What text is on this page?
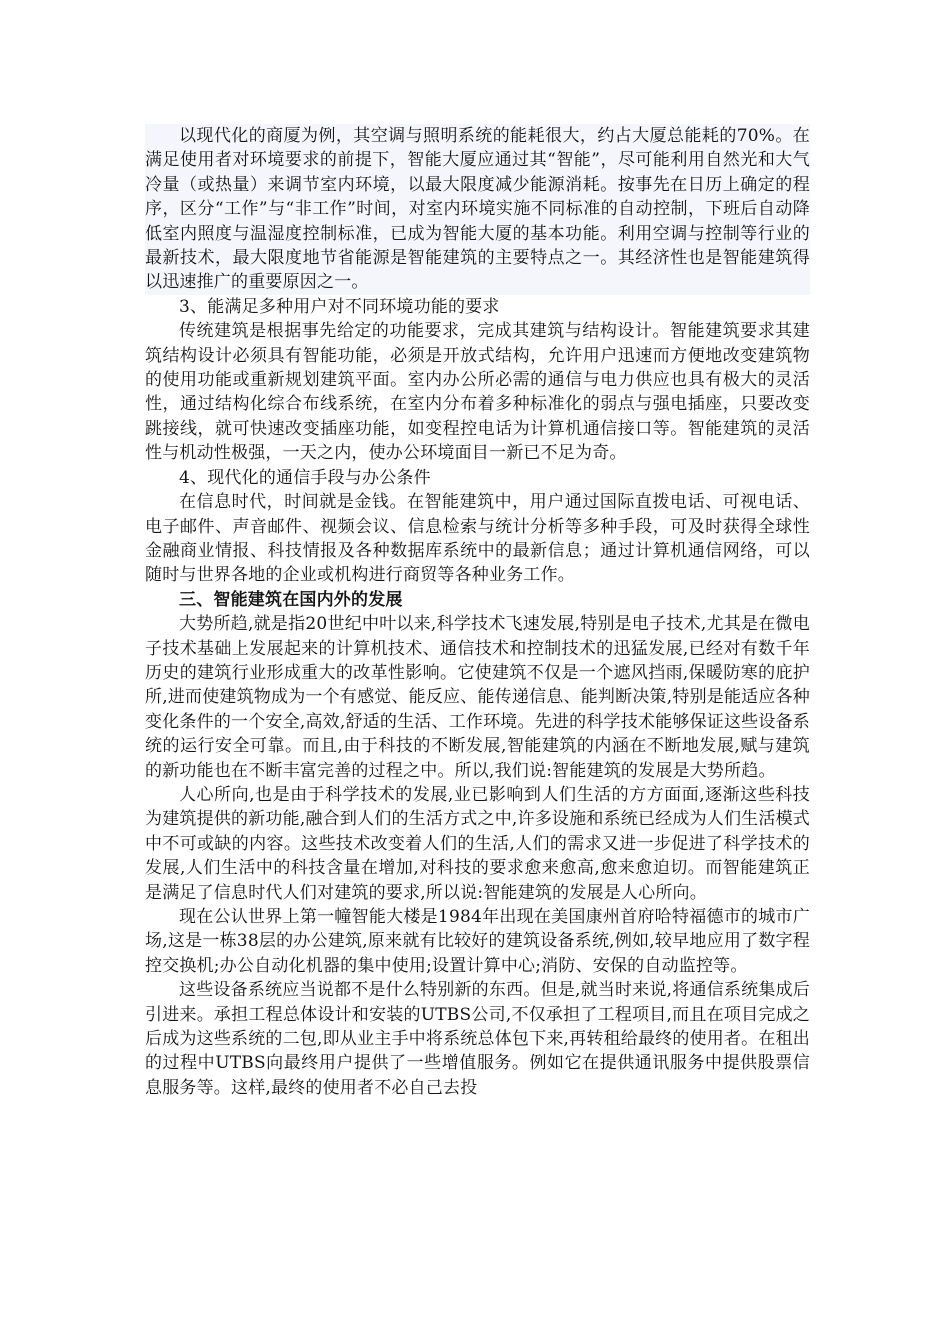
以现代化的商厦为例，其空调与照明系统的能耗很大，约占大厦总能耗的70%。在满足使用者对环境要求的前提下，智能大厦应通过其“智能”，尽可能利用自然光和大气冷量（或热量）来调节室内环境，以最大限度减少能源消耗。按事先在日历上确定的程序，区分“工作”与“非工作”时间，对室内环境实施不同标准的自动控制，下班后自动降低室内照度与温湿度控制标准，已成为智能大厦的基本功能。利用空调与控制等行业的最新技术，最大限度地节省能源是智能建筑的主要特点之一。其经济性也是智能建筑得以迅速推广的重要原因之一。

3、能满足多种用户对不同环境功能的要求

传统建筑是根据事先给定的功能要求，完成其建筑与结构设计。智能建筑要求其建筑结构设计必须具有智能功能，必须是开放式结构，允许用户迅速而方便地改变建筑物的使用功能或重新规划建筑平面。室内办公所必需的通信与电力供应也具有极大的灵活性，通过结构化综合布线系统，在室内分布着多种标准化的弱点与强电插座，只要改变跳接线，就可快速改变插座功能，如变程控电话为计算机通信接口等。智能建筑的灵活性与机动性极强，一天之内，使办公环境面目一新已不足为奇。

4、现代化的通信手段与办公条件

在信息时代，时间就是金钱。在智能建筑中，用户通过国际直拨电话、可视电话、电子邮件、声音邮件、视频会议、信息检索与统计分析等多种手段，可及时获得全球性金融商业情报、科技情报及各种数据库系统中的最新信息；通过计算机通信网络，可以随时与世界各地的企业或机构进行商贸等各种业务工作。

三、智能建筑在国内外的发展

大势所趋,就是指20世纪中叶以来,科学技术飞速发展,特别是电子技术,尤其是在微电子技术基础上发展起来的计算机技术、通信技术和控制技术的迅猛发展,已经对有数千年历史的建筑行业形成重大的改革性影响。它使建筑不仅是一个遮风挡雨,保暖防寒的庇护所,进而使建筑物成为一个有感觉、能反应、能传递信息、能判断决策,特别是能适应各种变化条件的一个安全,高效,舒适的生活、工作环境。先进的科学技术能够保证这些设备系统的运行安全可靠。而且,由于科技的不断发展,智能建筑的内涵在不断地发展,赋与建筑的新功能也在不断丰富完善的过程之中。所以,我们说:智能建筑的发展是大势所趋。

人心所向,也是由于科学技术的发展,业已影响到人们生活的方方面面,逐渐这些科技为建筑提供的新功能,融合到人们的生活方式之中,许多设施和系统已经成为人们生活模式中不可或缺的内容。这些技术改变着人们的生活,人们的需求又进一步促进了科学技术的发展,人们生活中的科技含量在增加,对科技的要求愈来愈高,愈来愈迫切。而智能建筑正是满足了信息时代人们对建筑的要求,所以说:智能建筑的发展是人心所向。

现在公认世界上第一幢智能大楼是1984年出现在美国康州首府哈特福德市的城市广场,这是一栋38层的办公建筑,原来就有比较好的建筑设备系统,例如,较早地应用了数字程控交换机;办公自动化机器的集中使用;设置计算中心;消防、安保的自动监控等。

这些设备系统应当说都不是什么特别新的东西。但是,就当时来说,将通信系统集成后引进来。承担工程总体设计和安装的UTBS公司,不仅承担了工程项目,而且在项目完成之后成为这些系统的二包,即从业主手中将系统总体包下来,再转租给最终的使用者。在租出的过程中UTBS向最终用户提供了一些增值服务。例如它在提供通讯服务中提供股票信息服务等。这样,最终的使用者不必自己去投
